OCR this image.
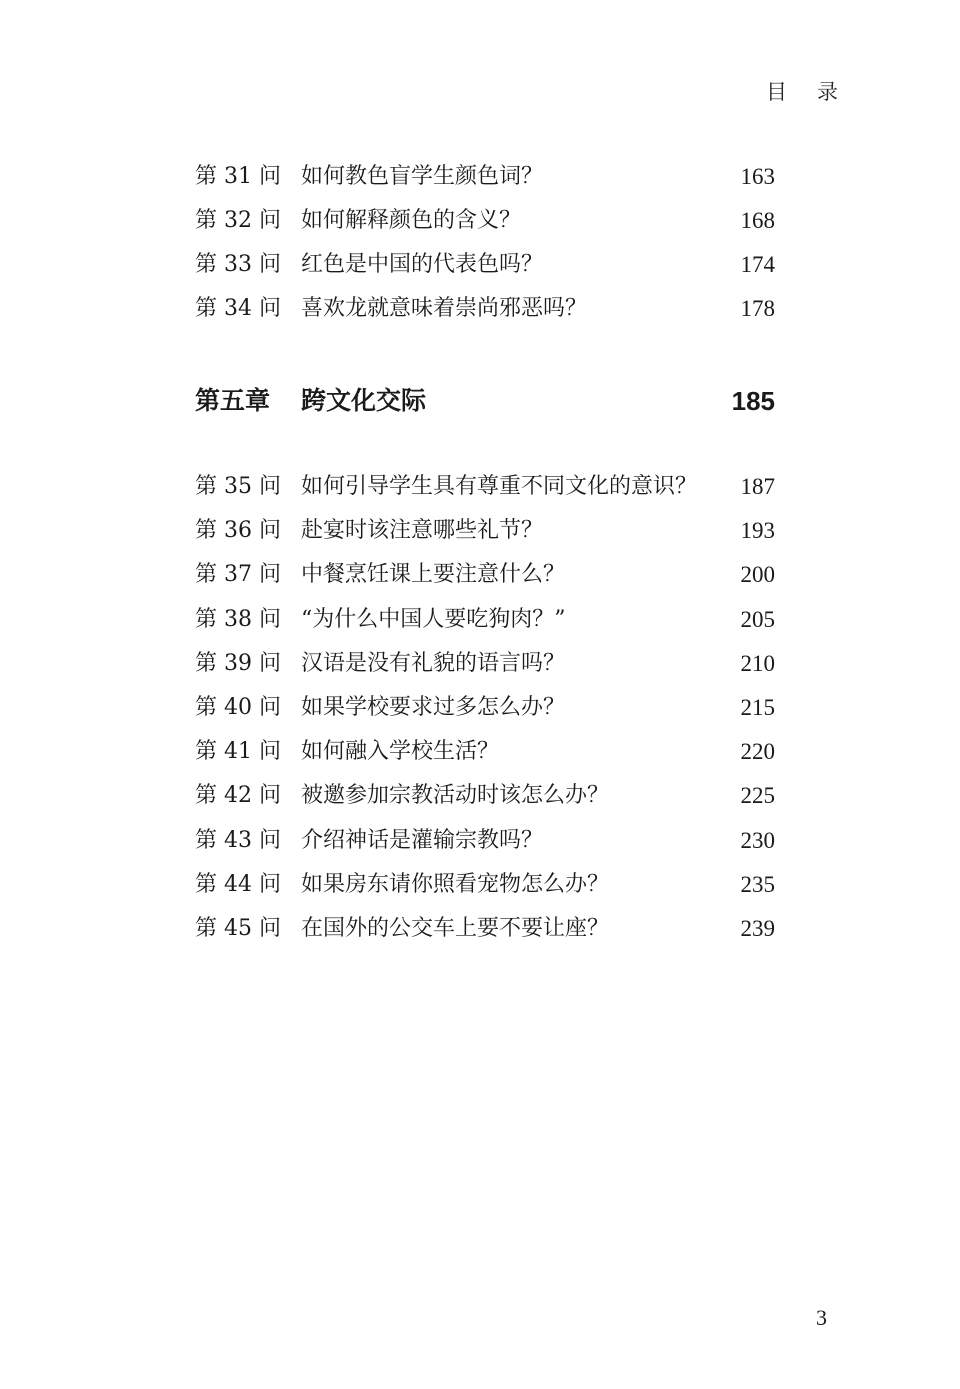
目录
第 31 问 如何教色盲学生颜色词？	163
第 32 问 如何解释颜色的含义？	168
第 33 问 红色是中国的代表色吗？	174
第 34 问 喜欢龙就意味着崇尚邪恶吗？	178
第五章 跨文化交际	185
第 35 问 如何引导学生具有尊重不同文化的意识？ 187
第 36 问 赴宴时该注意哪些礼节？	193
第 37 问 中餐烹饪课上要注意什么？	200
第 38 问 “为什么中国人要吃狗肉？”	205
第 39 问 汉语是没有礼貌的语言吗？	210
第 40 问 如果学校要求过多怎么办？	215
第 41 问 如何融入学校生活？	220
第 42 问 被邀参加宗教活动时该怎么办？	225
第 43 问 介绍神话是灌输宗教吗？	230
第 44 问 如果房东请你照看宠物怎么办？	235
第 45 问 在国外的公交车上要不要让座？	239
3
